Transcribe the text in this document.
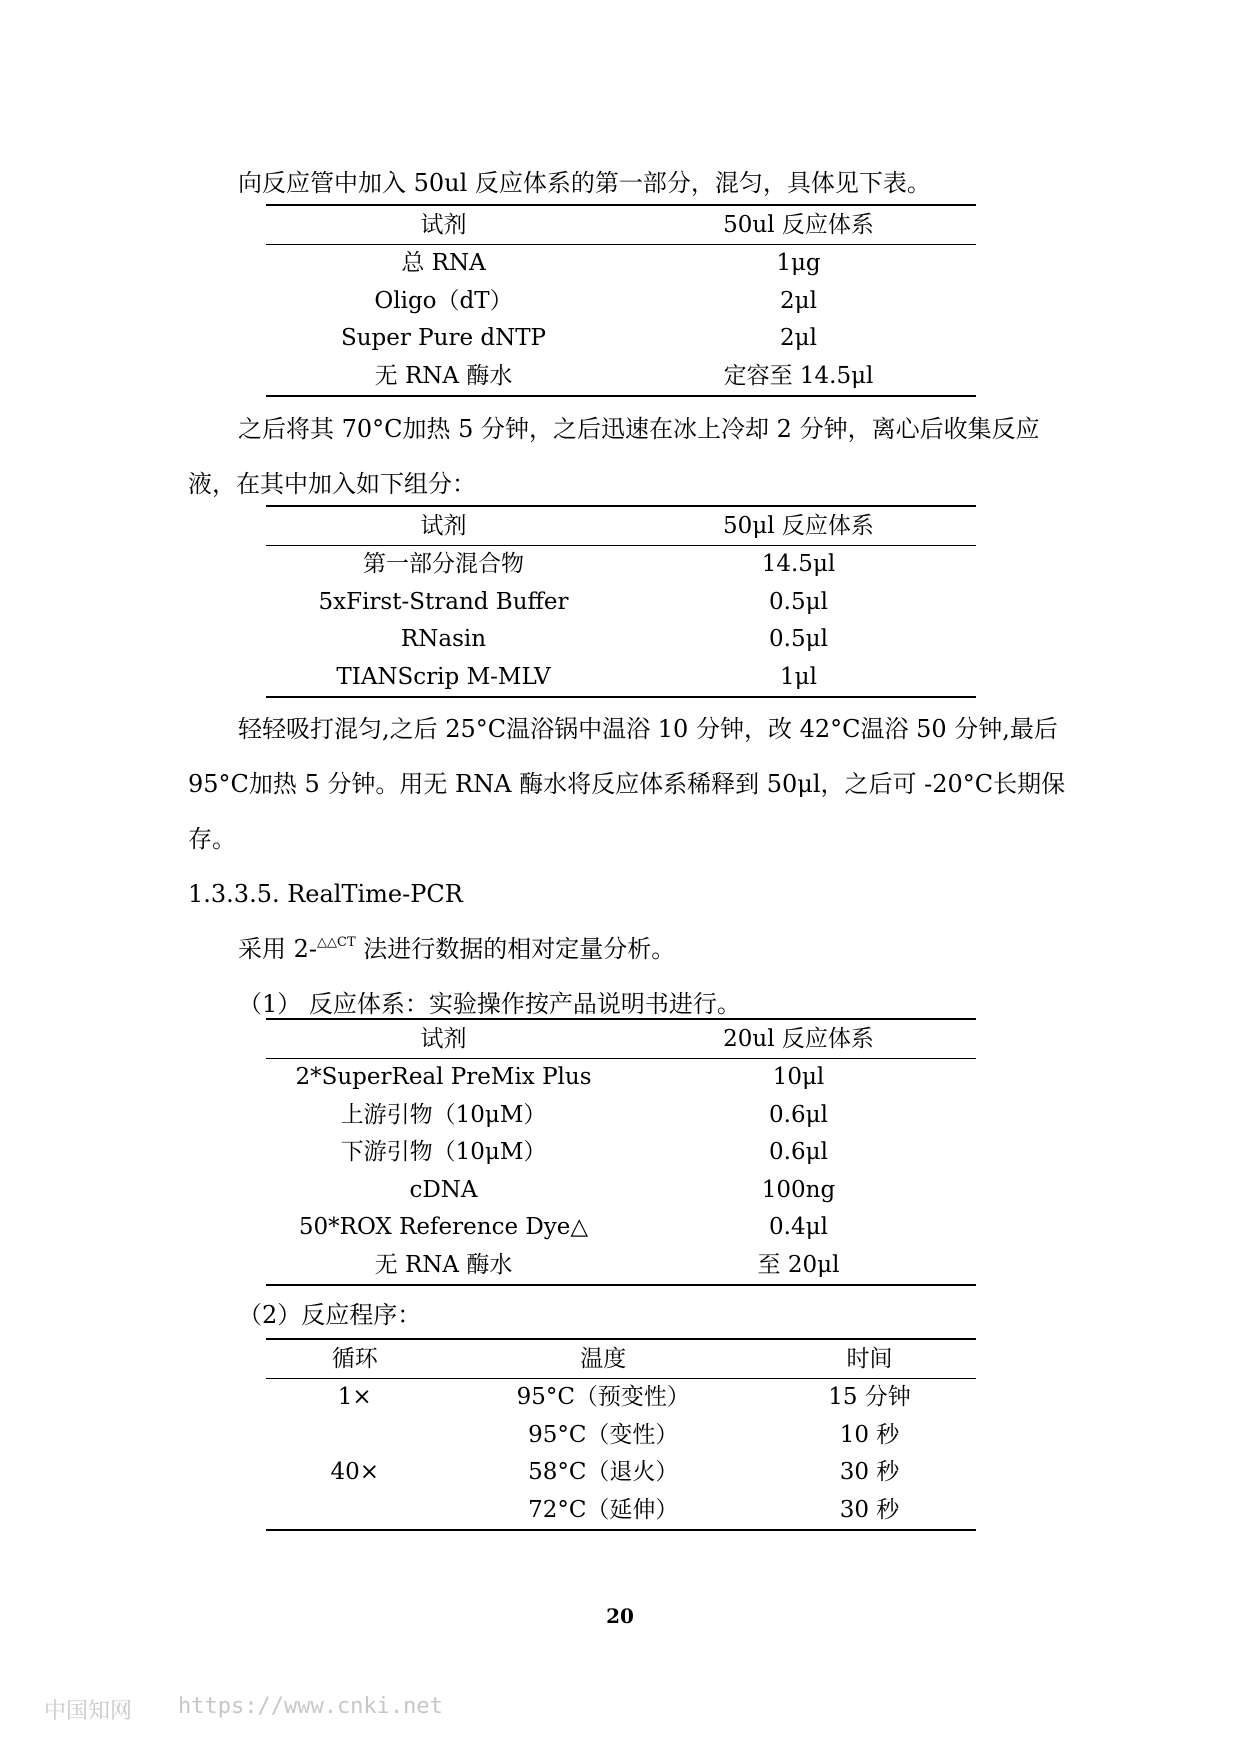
向反应管中加入 50ul 反应体系的第一部分，混匀，具体见下表。
试剂	50ul 反应体系
总 RNA	1μg
Oligo（dT）	2μl
Super Pure dNTP	2μl
无 RNA 酶水	定容至 14.5μl
之后将其 70°C加热 5 分钟，之后迅速在冰上冷却 2 分钟，离心后收集反应
液，在其中加入如下组分：
试剂	50μl 反应体系
第一部分混合物	14.5μl
5xFirst-Strand Buffer	0.5μl
RNasin	0.5μl
TIANScrip M-MLV	1μl
轻轻吸打混匀,之后 25°C温浴锅中温浴 10 分钟，改 42°C温浴 50 分钟,最后
95°C加热 5 分钟。用无 RNA 酶水将反应体系稀释到 50μl，之后可 -20°C长期保
存。
1.3.3.5. RealTime-PCR
采用 2-$^{\triangle\triangle CT}$ 法进行数据的相对定量分析。
（1） 反应体系：实验操作按产品说明书进行。
试剂	20ul 反应体系
2*SuperReal PreMix Plus	10μl
上游引物（10μM）	0.6μl
下游引物（10μM）	0.6μl
cDNA	100ng
50*ROX Reference Dye△	0.4μl
无 RNA 酶水	至 20μl
（2）反应程序：
循环	温度	时间
1×	95°C（预变性）	15 分钟
	95°C（变性）	10 秒
40×	58°C（退火）	30 秒
	72°C（延伸）	30 秒
20
中国知网 https://www.cnki.net
